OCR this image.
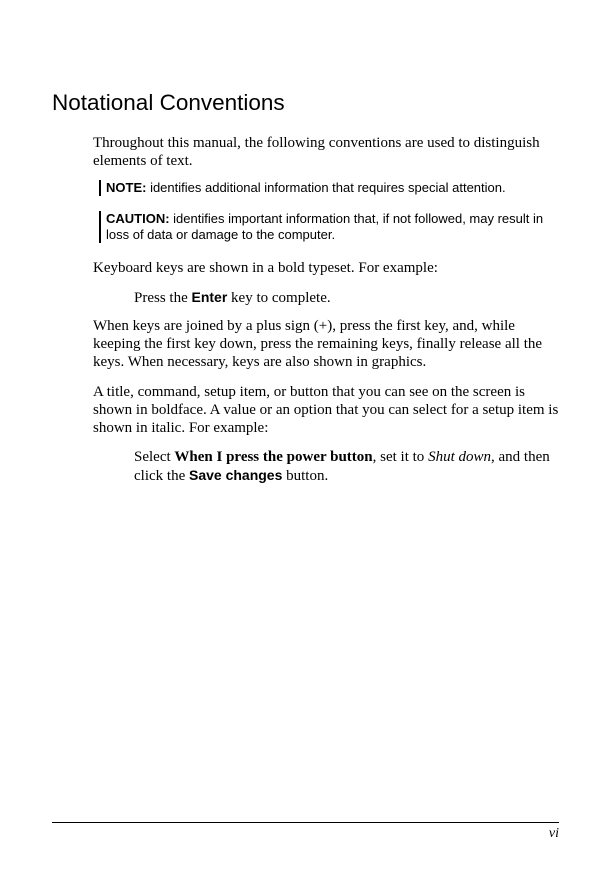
Notational Conventions

Throughout this manual, the following conventions are used to distinguish elements of text.

NOTE: identifies additional information that requires special attention.
CAUTION: identifies important information that, if not followed, may result in loss of data or damage to the computer.

Keyboard keys are shown in a bold typeset. For example:

Press the Enter key to complete.

When keys are joined by a plus sign (+), press the first key, and, while keeping the first key down, press the remaining keys, finally release all the keys. When necessary, keys are also shown in graphics.

A title, command, setup item, or button that you can see on the screen is shown in boldface. A value or an option that you can select for a setup item is shown in italic. For example:

Select When I press the power button, set it to Shut down, and then click the Save changes button.
vi
